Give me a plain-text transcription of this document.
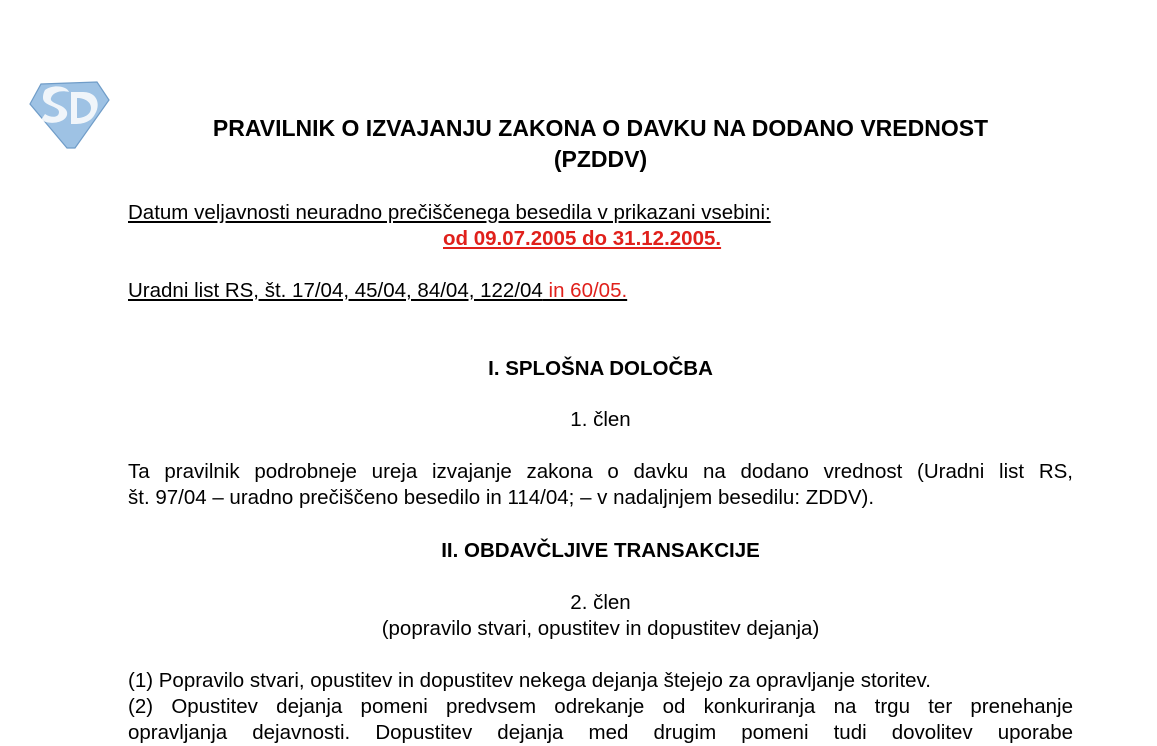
PRAVILNIK O IZVAJANJU ZAKONA O DAVKU NA DODANO VREDNOST
(PZDDV)
Datum veljavnosti neuradno prečiščenega besedila v prikazani vsebini:
od 09.07.2005 do 31.12.2005.
Uradni list RS, št. 17/04, 45/04, 84/04, 122/04 in 60/05.
I. SPLOŠNA DOLOČBA
1. člen
Ta pravilnik podrobneje ureja izvajanje zakona o davku na dodano vrednost (Uradni list RS,
št. 97/04 – uradno prečiščeno besedilo in 114/04; – v nadaljnjem besedilu: ZDDV).
II. OBDAVČLJIVE TRANSAKCIJE
2. člen
(popravilo stvari, opustitev in dopustitev dejanja)
(1) Popravilo stvari, opustitev in dopustitev nekega dejanja štejejo za opravljanje storitev.
(2) Opustitev dejanja pomeni predvsem odrekanje od konkuriranja na trgu ter prenehanje
opravljanja dejavnosti. Dopustitev dejanja med drugim pomeni tudi dovolitev uporabe
